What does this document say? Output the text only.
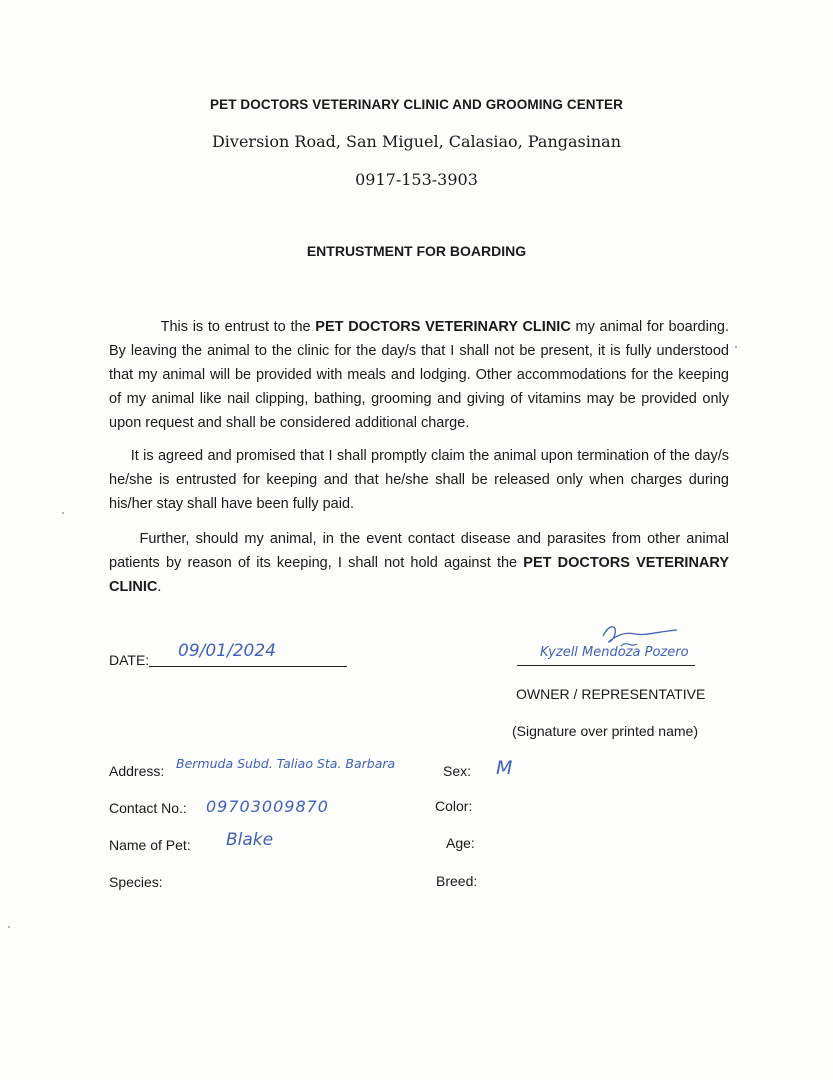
PET DOCTORS VETERINARY CLINIC AND GROOMING CENTER
Diversion Road, San Miguel, Calasiao, Pangasinan
0917-153-3903
ENTRUSTMENT FOR BOARDING

This is to entrust to the PET DOCTORS VETERINARY CLINIC my animal for boarding. By leaving the animal to the clinic for the day/s that I shall not be present, it is fully understood that my animal will be provided with meals and lodging. Other accommodations for the keeping of my animal like nail clipping, bathing, grooming and giving of vitamins may be provided only upon request and shall be considered additional charge.

It is agreed and promised that I shall promptly claim the animal upon termination of the day/s he/she is entrusted for keeping and that he/she shall be released only when charges during his/her stay shall have been fully paid.

Further, should my animal, in the event contact disease and parasites from other animal patients by reason of its keeping, I shall not hold against the PET DOCTORS VETERINARY CLINIC.

DATE: 09/01/2024	Kyzell Mendoza Pozero
OWNER / REPRESENTATIVE
(Signature over printed name)
Address: Bermuda Subd. Taliao Sta. Barbara
Contact No.: 09703009870
Name of Pet: Blake
Species:
Sex: M
Color:
Age:
Breed:
